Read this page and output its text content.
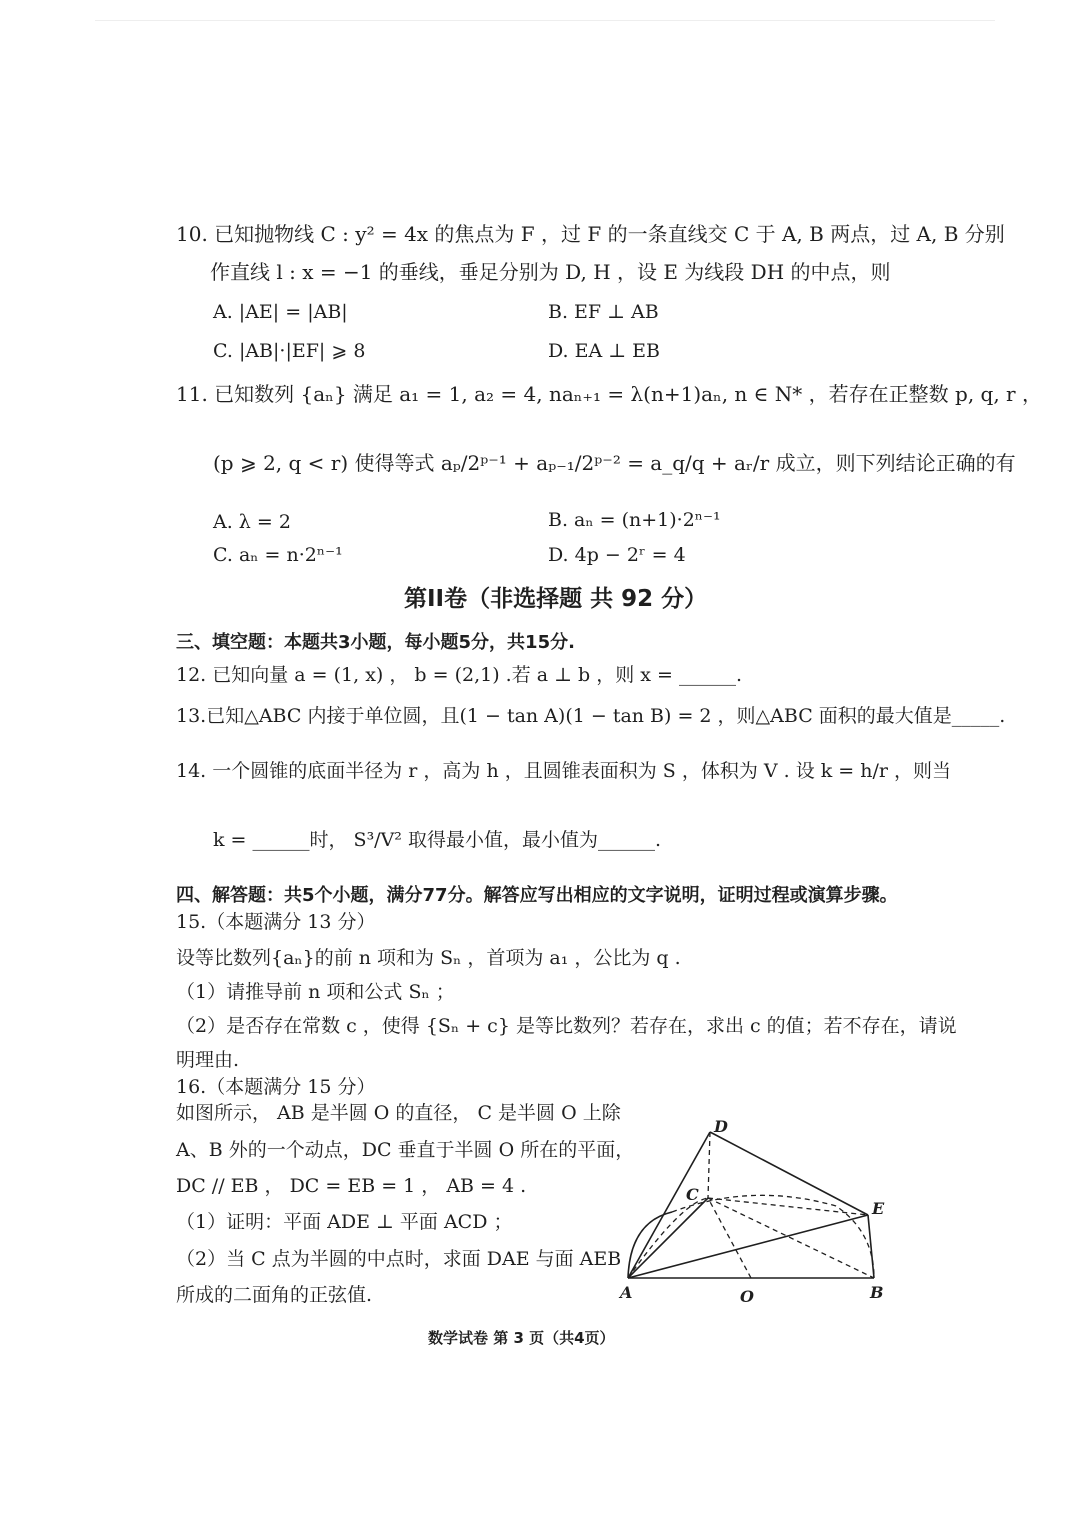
10. 已知抛物线 C : y² = 4x 的焦点为 F ，过 F 的一条直线交 C 于 A, B 两点，过 A, B 分别
作直线 l : x = −1 的垂线，垂足分别为 D, H ，设 E 为线段 DH 的中点，则
A. |AE| = |AB|	B. EF ⊥ AB
C. |AB|·|EF| ⩾ 8	D. EA ⊥ EB
11. 已知数列 {aₙ} 满足 a₁ = 1, a₂ = 4, naₙ₊₁ = λ(n+1)aₙ, n ∈ N* ，若存在正整数 p, q, r ，
(p ⩾ 2, q < r) 使得等式 aₚ/2ᵖ⁻¹ + aₚ₋₁/2ᵖ⁻² = a_q/q + aᵣ/r 成立，则下列结论正确的有
A. λ = 2	B. aₙ = (n+1)·2ⁿ⁻¹
C. aₙ = n·2ⁿ⁻¹	D. 4p − 2ʳ = 4
第II卷（非选择题 共 92 分）
三、填空题：本题共3小题，每小题5分，共15分.
12. 已知向量 a = (1, x) ， b = (2,1) .若 a ⊥ b ，则 x = ______.
13.已知△ABC 内接于单位圆，且(1 − tan A)(1 − tan B) = 2 ，则△ABC 面积的最大值是_____.
14. 一个圆锥的底面半径为 r ，高为 h ，且圆锥表面积为 S ，体积为 V . 设 k = h/r ，则当
k = ______时， S³/V² 取得最小值，最小值为______.
四、解答题：共5个小题，满分77分。解答应写出相应的文字说明，证明过程或演算步骤。
15.（本题满分 13 分）
设等比数列{aₙ}的前 n 项和为 Sₙ ，首项为 a₁ ，公比为 q .
（1）请推导前 n 项和公式 Sₙ ；
（2）是否存在常数 c ，使得 {Sₙ + c} 是等比数列？若存在，求出 c 的值；若不存在，请说
明理由.
16.（本题满分 15 分）
如图所示， AB 是半圆 O 的直径， C 是半圆 O 上除
A、B 外的一个动点，DC 垂直于半圆 O 所在的平面，
DC // EB ， DC = EB = 1 ， AB = 4 .
（1）证明：平面 ADE ⊥ 平面 ACD ；
（2）当 C 点为半圆的中点时，求面 DAE 与面 AEB
所成的二面角的正弦值.
D
C
E
A	O	B
数学试卷 第 3 页（共4页）
